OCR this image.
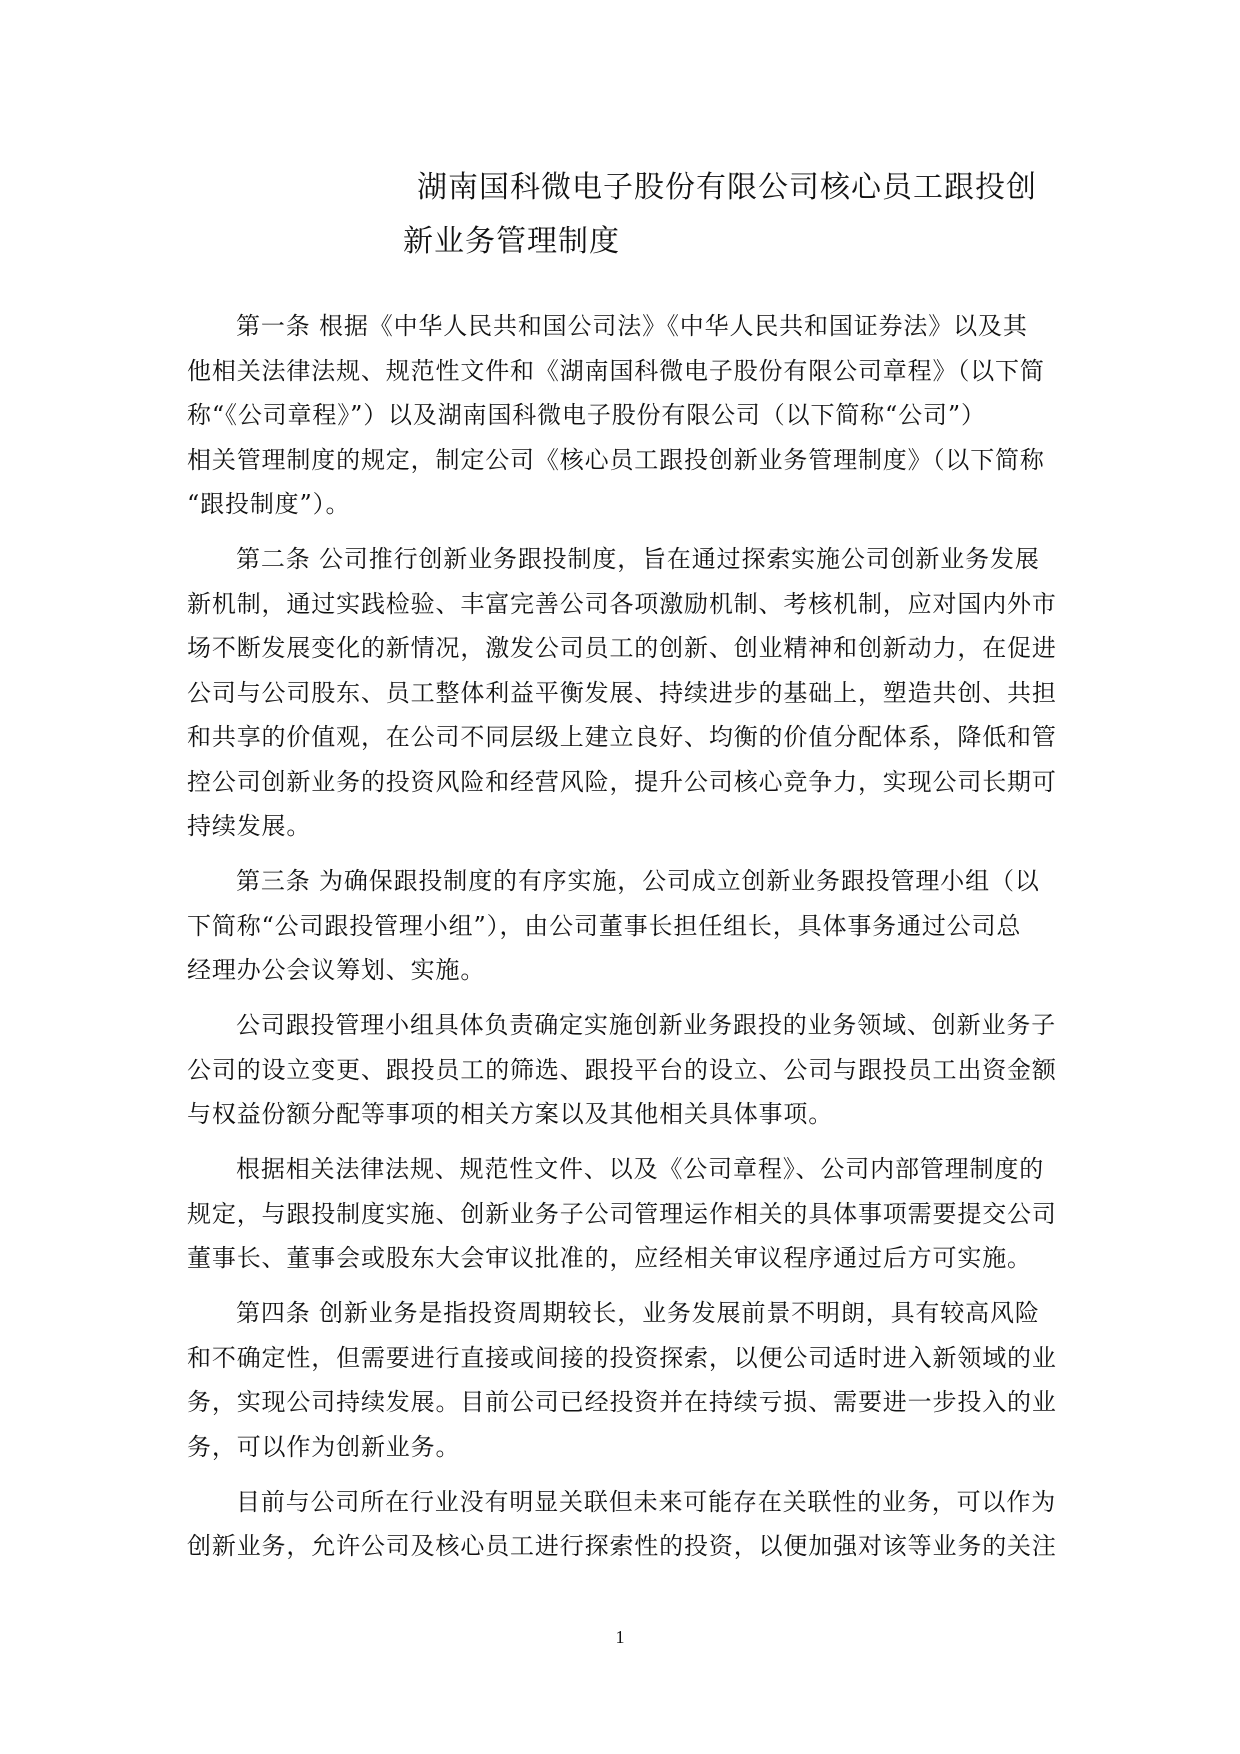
湖南国科微电子股份有限公司核心员工跟投创
新业务管理制度
第一条 根据《中华人民共和国公司法》《中华人民共和国证券法》以及其
他相关法律法规、规范性文件和《湖南国科微电子股份有限公司章程》（以下简
称“《公司章程》”）以及湖南国科微电子股份有限公司（以下简称“公司”）
相关管理制度的规定，制定公司《核心员工跟投创新业务管理制度》（以下简称
“跟投制度”）。
第二条 公司推行创新业务跟投制度，旨在通过探索实施公司创新业务发展
新机制，通过实践检验、丰富完善公司各项激励机制、考核机制，应对国内外市
场不断发展变化的新情况，激发公司员工的创新、创业精神和创新动力，在促进
公司与公司股东、员工整体利益平衡发展、持续进步的基础上，塑造共创、共担
和共享的价值观，在公司不同层级上建立良好、均衡的价值分配体系，降低和管
控公司创新业务的投资风险和经营风险，提升公司核心竞争力，实现公司长期可
持续发展。
第三条 为确保跟投制度的有序实施，公司成立创新业务跟投管理小组（以
下简称“公司跟投管理小组”），由公司董事长担任组长，具体事务通过公司总
经理办公会议筹划、实施。
公司跟投管理小组具体负责确定实施创新业务跟投的业务领域、创新业务子
公司的设立变更、跟投员工的筛选、跟投平台的设立、公司与跟投员工出资金额
与权益份额分配等事项的相关方案以及其他相关具体事项。
根据相关法律法规、规范性文件、以及《公司章程》、公司内部管理制度的
规定，与跟投制度实施、创新业务子公司管理运作相关的具体事项需要提交公司
董事长、董事会或股东大会审议批准的，应经相关审议程序通过后方可实施。
第四条 创新业务是指投资周期较长，业务发展前景不明朗，具有较高风险
和不确定性，但需要进行直接或间接的投资探索，以便公司适时进入新领域的业
务，实现公司持续发展。目前公司已经投资并在持续亏损、需要进一步投入的业
务，可以作为创新业务。
目前与公司所在行业没有明显关联但未来可能存在关联性的业务，可以作为
创新业务，允许公司及核心员工进行探索性的投资，以便加强对该等业务的关注
1
